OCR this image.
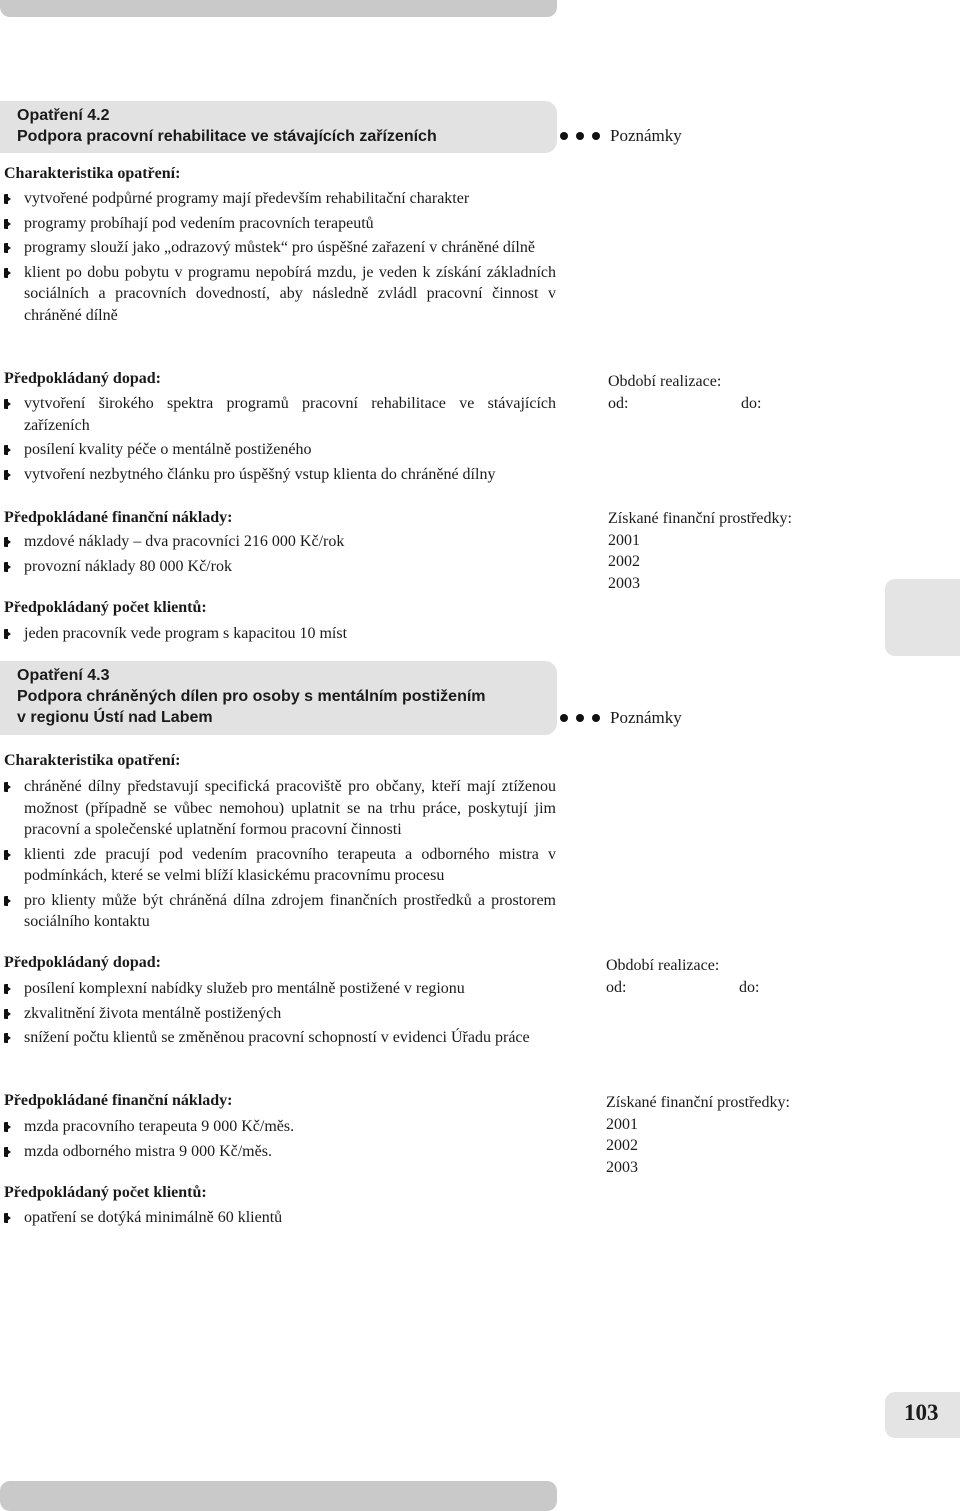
103
Opatření 4.2
Podpora pracovní rehabilitace ve stávajících zařízeních	Poznámky
Charakteristika opatření:
vytvořené podpůrné programy mají především rehabilitační charakter
programy probíhají pod vedením pracovních terapeutů
programy slouží jako „odrazový můstek“ pro úspěšné zařazení v chráněné dílně
klient po dobu pobytu v programu nepobírá mzdu, je veden k získání základních sociálních a pracovních dovedností, aby následně zvládl pracovní činnost v chráněné dílně
Předpokládaný dopad:
vytvoření širokého spektra programů pracovní rehabilitace ve stávajících zařízeních
posílení kvality péče o mentálně postiženého
vytvoření nezbytného článku pro úspěšný vstup klienta do chráněné dílny
Období realizace:
od:	do:
Předpokládané finanční náklady:
mzdové náklady – dva pracovníci 216 000 Kč/rok
provozní náklady 80 000 Kč/rok
Získané finanční prostředky:
2001
2002
2003
Předpokládaný počet klientů:
jeden pracovník vede program s kapacitou 10 míst
Opatření 4.3
Podpora chráněných dílen pro osoby s mentálním postižením
v regionu Ústí nad Labem	Poznámky
Charakteristika opatření:
chráněné dílny představují specifická pracoviště pro občany, kteří mají ztíženou možnost (případně se vůbec nemohou) uplatnit se na trhu práce, poskytují jim pracovní a společenské uplatnění formou pracovní činnosti
klienti zde pracují pod vedením pracovního terapeuta a odborného mistra v podmínkách, které se velmi blíží klasickému pracovnímu procesu
pro klienty může být chráněná dílna zdrojem finančních prostředků a prostorem sociálního kontaktu
Předpokládaný dopad:
posílení komplexní nabídky služeb pro mentálně postižené v regionu
zkvalitnění života mentálně postižených
snížení počtu klientů se změněnou pracovní schopností v evidenci Úřadu práce
Období realizace:
od:	do:
Předpokládané finanční náklady:
mzda pracovního terapeuta 9 000 Kč/měs.
mzda odborného mistra 9 000 Kč/měs.
Získané finanční prostředky:
2001
2002
2003
Předpokládaný počet klientů:
opatření se dotýká minimálně 60 klientů
